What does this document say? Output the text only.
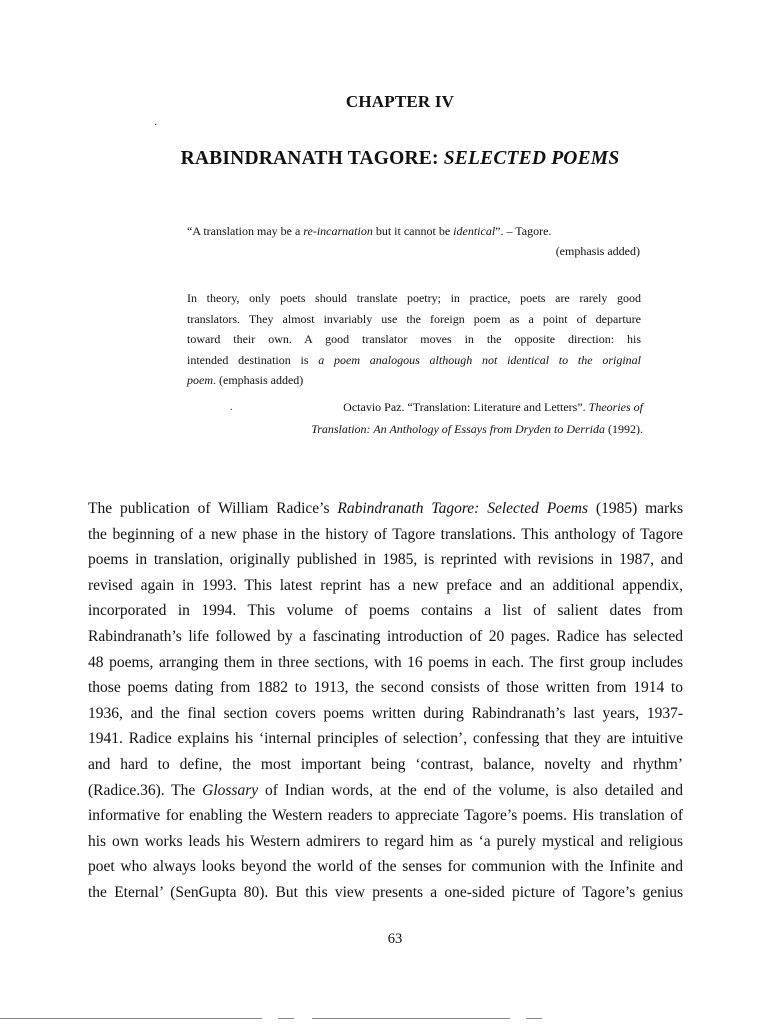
CHAPTER IV
·
RABINDRANATH TAGORE: SELECTED POEMS
“A translation may be a re-incarnation but it cannot be identical”. – Tagore.
(emphasis added)
In theory, only poets should translate poetry; in practice, poets are rarely good
translators. They almost invariably use the foreign poem as a point of departure
toward their own. A good translator moves in the opposite direction: his
intended destination is a poem analogous although not identical to the original
poem. (emphasis added)
.	Octavio Paz. “Translation: Literature and Letters”. Theories of
Translation: An Anthology of Essays from Dryden to Derrida (1992).
The publication of William Radice’s Rabindranath Tagore: Selected Poems (1985) marks
the beginning of a new phase in the history of Tagore translations. This anthology of Tagore
poems in translation, originally published in 1985, is reprinted with revisions in 1987, and
revised again in 1993. This latest reprint has a new preface and an additional appendix,
incorporated in 1994. This volume of poems contains a list of salient dates from
Rabindranath’s life followed by a fascinating introduction of 20 pages. Radice has selected
48 poems, arranging them in three sections, with 16 poems in each. The first group includes
those poems dating from 1882 to 1913, the second consists of those written from 1914 to
1936, and the final section covers poems written during Rabindranath’s last years, 1937-
1941. Radice explains his ‘internal principles of selection’, confessing that they are intuitive
and hard to define, the most important being ‘contrast, balance, novelty and rhythm’
(Radice.36). The Glossary of Indian words, at the end of the volume, is also detailed and
informative for enabling the Western readers to appreciate Tagore’s poems. His translation of
his own works leads his Western admirers to regard him as ‘a purely mystical and religious
poet who always looks beyond the world of the senses for communion with the Infinite and
the Eternal’ (SenGupta 80). But this view presents a one-sided picture of Tagore’s genius
63
